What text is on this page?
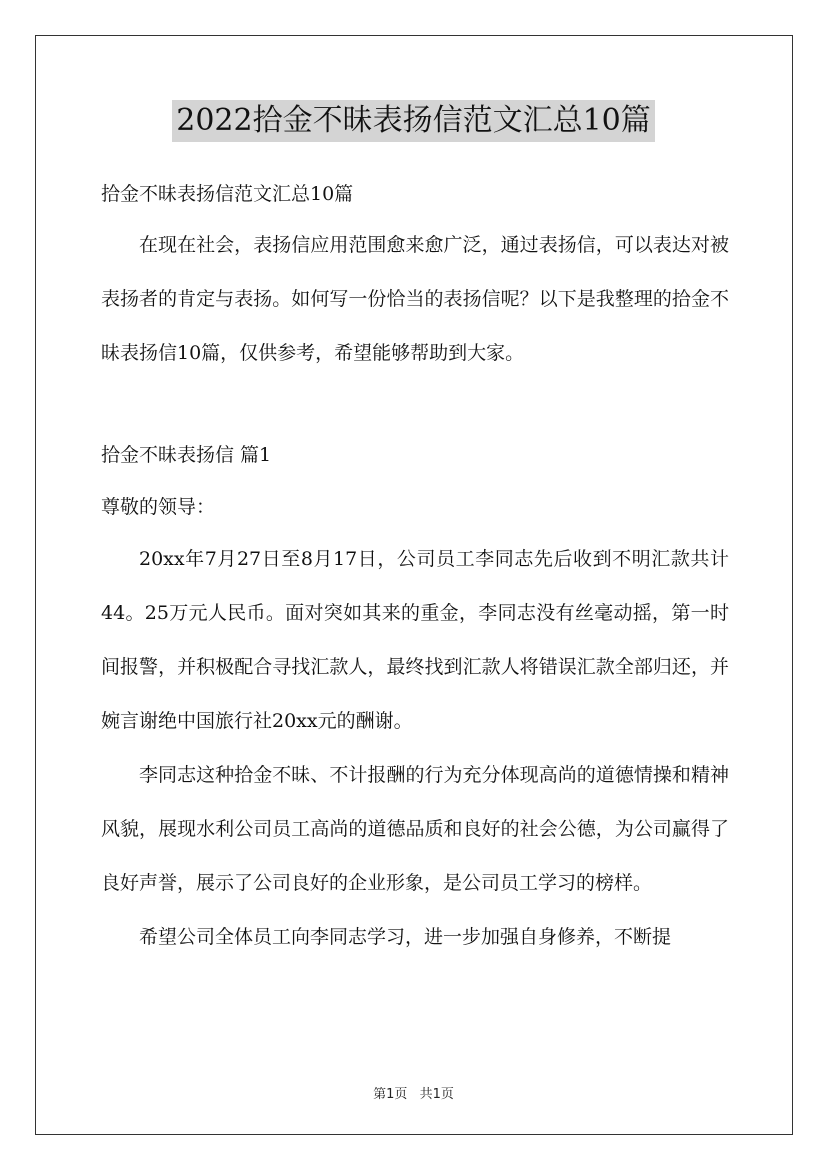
2022拾金不昧表扬信范文汇总10篇

拾金不昧表扬信范文汇总10篇

在现在社会，表扬信应用范围愈来愈广泛，通过表扬信，可以表达对被表扬者的肯定与表扬。如何写一份恰当的表扬信呢？以下是我整理的拾金不昧表扬信10篇，仅供参考，希望能够帮助到大家。

拾金不昧表扬信 篇1

尊敬的领导：

20xx年7月27日至8月17日，公司员工李同志先后收到不明汇款共计44。25万元人民币。面对突如其来的重金，李同志没有丝毫动摇，第一时间报警，并积极配合寻找汇款人，最终找到汇款人将错误汇款全部归还，并婉言谢绝中国旅行社20xx元的酬谢。

李同志这种拾金不昧、不计报酬的行为充分体现高尚的道德情操和精神风貌，展现水利公司员工高尚的道德品质和良好的社会公德，为公司赢得了良好声誉，展示了公司良好的企业形象，是公司员工学习的榜样。

希望公司全体员工向李同志学习，进一步加强自身修养，不断提

第1页 共1页
